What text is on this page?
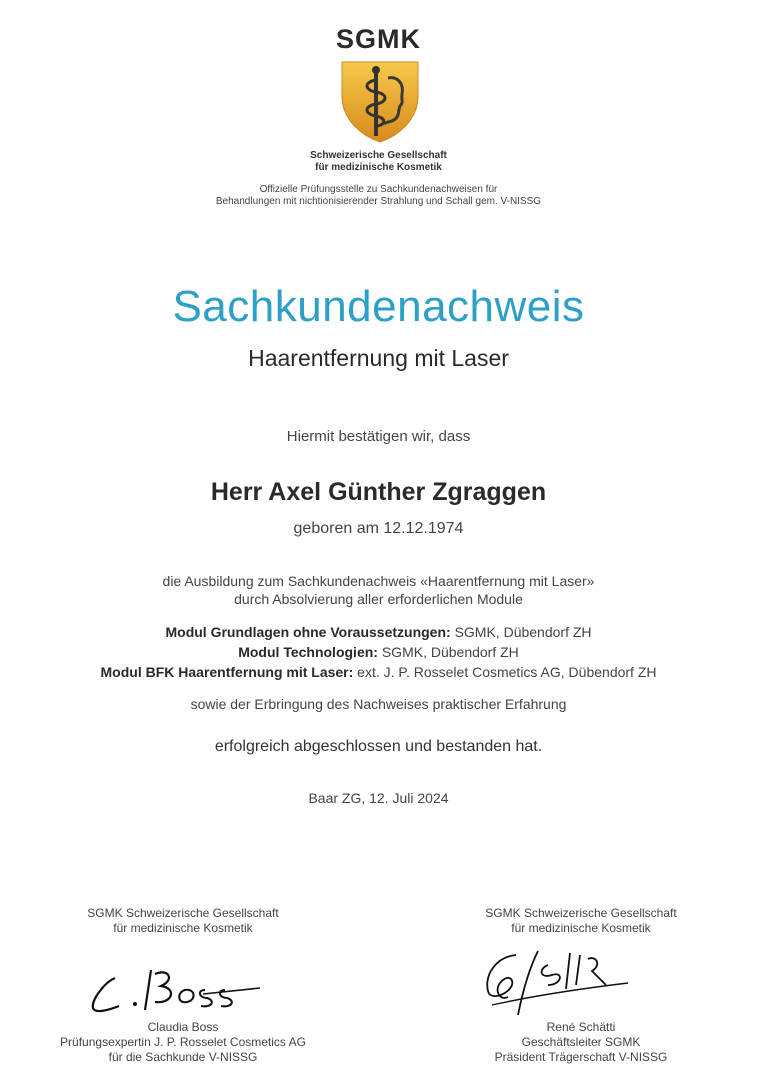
SGMK
Schweizerische Gesellschaft
für medizinische Kosmetik
Offizielle Prüfungsstelle zu Sachkundenachweisen für
Behandlungen mit nichtionisierender Strahlung und Schall gem. V-NISSG
Sachkundenachweis
Haarentfernung mit Laser
Hiermit bestätigen wir, dass
Herr Axel Günther Zgraggen
geboren am 12.12.1974
die Ausbildung zum Sachkundenachweis «Haarentfernung mit Laser»
durch Absolvierung aller erforderlichen Module
Modul Grundlagen ohne Voraussetzungen: SGMK, Dübendorf ZH
Modul Technologien: SGMK, Dübendorf ZH
Modul BFK Haarentfernung mit Laser: ext. J. P. Rosselet Cosmetics AG, Dübendorf ZH
sowie der Erbringung des Nachweises praktischer Erfahrung
erfolgreich abgeschlossen und bestanden hat.
Baar ZG, 12. Juli 2024
SGMK Schweizerische Gesellschaft
für medizinische Kosmetik
SGMK Schweizerische Gesellschaft
für medizinische Kosmetik
Claudia Boss
Prüfungsexpertin J. P. Rosselet Cosmetics AG
für die Sachkunde V-NISSG
René Schätti
Geschäftsleiter SGMK
Präsident Trägerschaft V-NISSG
